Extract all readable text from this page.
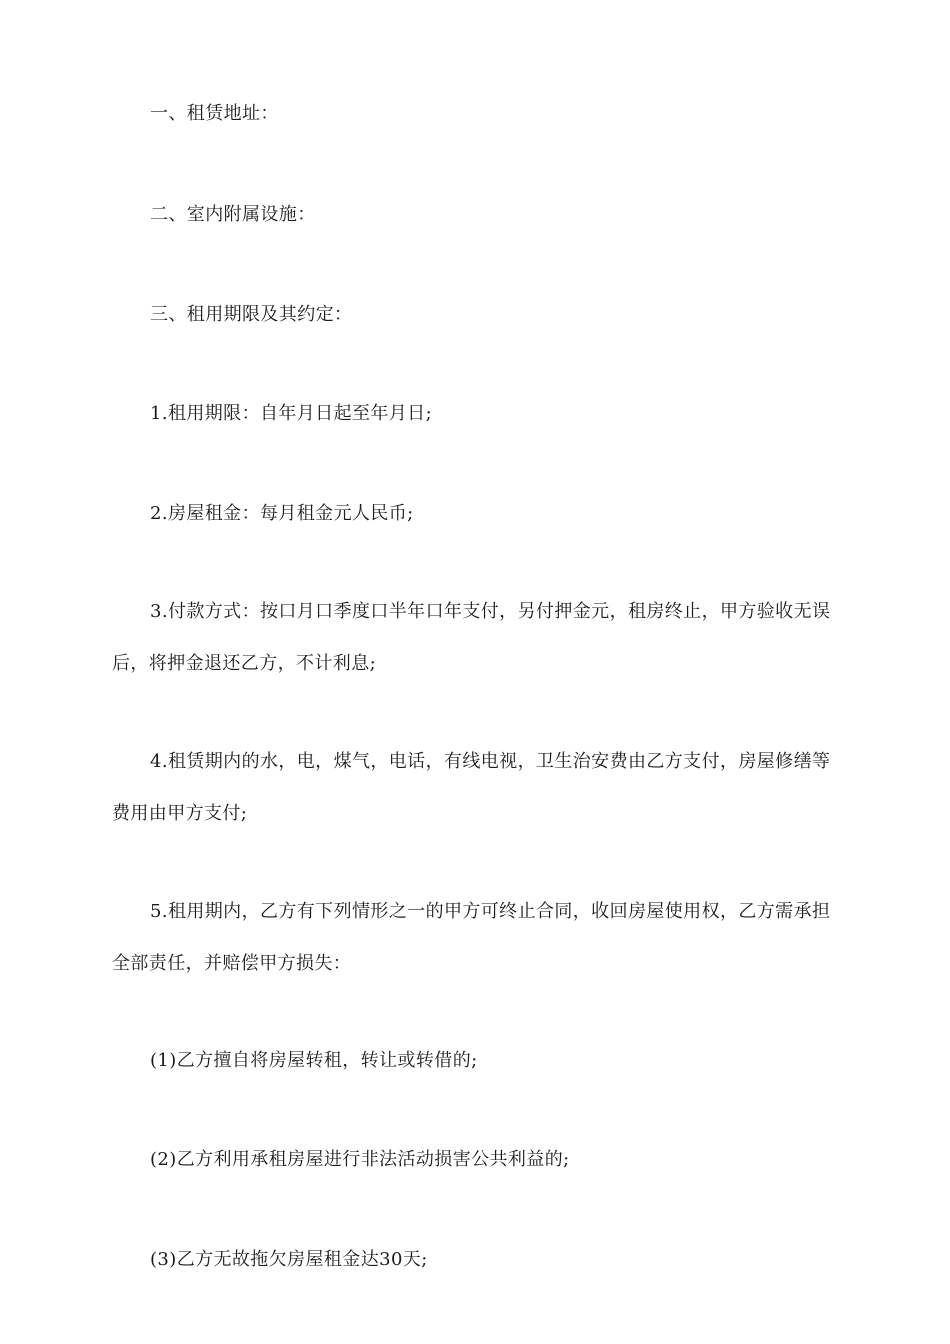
一、租赁地址：

二、室内附属设施：

三、租用期限及其约定：

1.租用期限：自年月日起至年月日;

2.房屋租金：每月租金元人民币;

3.付款方式：按口月口季度口半年口年支付，另付押金元，租房终止，甲方验收无误后，将押金退还乙方，不计利息;

4.租赁期内的水，电，煤气，电话，有线电视，卫生治安费由乙方支付，房屋修缮等费用由甲方支付;

5.租用期内，乙方有下列情形之一的甲方可终止合同，收回房屋使用权，乙方需承担全部责任，并赔偿甲方损失：

(1)乙方擅自将房屋转租，转让或转借的;

(2)乙方利用承租房屋进行非法活动损害公共利益的;

(3)乙方无故拖欠房屋租金达30天;
